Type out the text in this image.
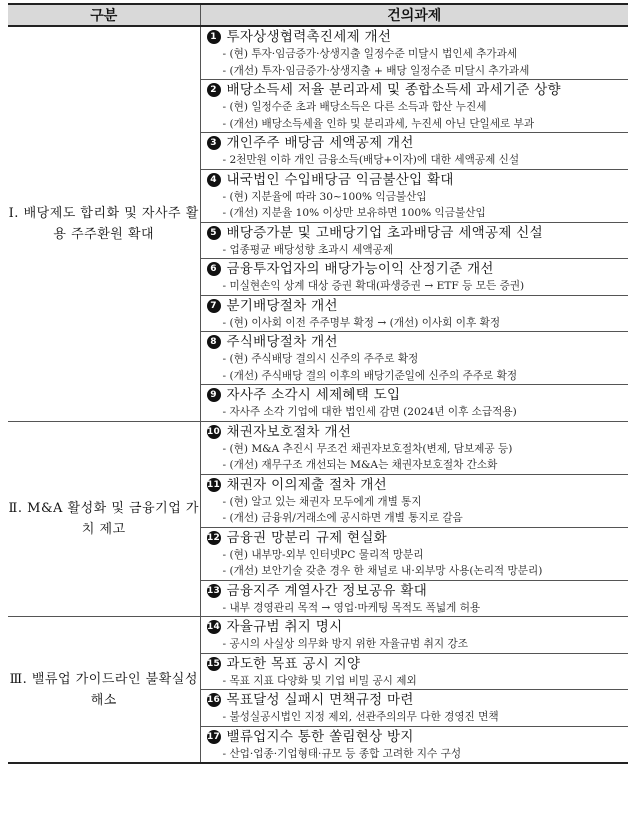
구분	건의과제
Ⅰ. 배당제도 합리화 및 자사주 활용 주주환원 확대	1 투자상생협력촉진세제 개선
- (현) 투자·임금증가·상생지출 일정수준 미달시 법인세 추가과세
- (개선) 투자·임금증가·상생지출 + 배당 일정수준 미달시 추가과세

2 배당소득세 저율 분리과세 및 종합소득세 과세기준 상향
- (현) 일정수준 초과 배당소득은 다른 소득과 합산 누진세
- (개선) 배당소득세율 인하 및 분리과세, 누진세 아닌 단일세로 부과

3 개인주주 배당금 세액공제 개선
- 2천만원 이하 개인 금융소득(배당+이자)에 대한 세액공제 신설

4 내국법인 수입배당금 익금불산입 확대
- (현) 지분율에 따라 30~100% 익금불산입
- (개선) 지분율 10% 이상만 보유하면 100% 익금불산입

5 배당증가분 및 고배당기업 초과배당금 세액공제 신설
- 업종평균 배당성향 초과시 세액공제

6 금융투자업자의 배당가능이익 산정기준 개선
- 미실현손익 상계 대상 증권 확대(파생증권 → ETF 등 모든 증권)

7 분기배당절차 개선
- (현) 이사회 이전 주주명부 확정 → (개선) 이사회 이후 확정

8 주식배당절차 개선
- (현) 주식배당 결의시 신주의 주주로 확정
- (개선) 주식배당 결의 이후의 배당기준일에 신주의 주주로 확정

9 자사주 소각시 세제혜택 도입
- 자사주 소각 기업에 대한 법인세 감면 (2024년 이후 소급적용)

Ⅱ. M&A 활성화 및 금융기업 가치 제고	10 채권자보호절차 개선
- (현) M&A 추진시 무조건 채권자보호절차(변제, 담보제공 등)
- (개선) 재무구조 개선되는 M&A는 채권자보호절차 간소화

11 채권자 이의제출 절차 개선
- (현) 알고 있는 채권자 모두에게 개별 통지
- (개선) 금융위/거래소에 공시하면 개별 통지로 갈음

12 금융권 망분리 규제 현실화
- (현) 내부망-외부 인터넷PC 물리적 망분리
- (개선) 보안기술 갖춘 경우 한 채널로 내·외부망 사용(논리적 망분리)

13 금융지주 계열사간 정보공유 확대
- 내부 경영관리 목적 → 영업·마케팅 목적도 폭넓게 허용

Ⅲ. 밸류업 가이드라인 불확실성 해소	14 자율규범 취지 명시
- 공시의 사실상 의무화 방지 위한 자율규범 취지 강조

15 과도한 목표 공시 지양
- 목표 지표 다양화 및 기업 비밀 공시 제외

16 목표달성 실패시 면책규정 마련
- 불성실공시법인 지정 제외, 선관주의의무 다한 경영진 면책

17 밸류업지수 통한 쏠림현상 방지
- 산업·업종·기업형태·규모 등 종합 고려한 지수 구성
